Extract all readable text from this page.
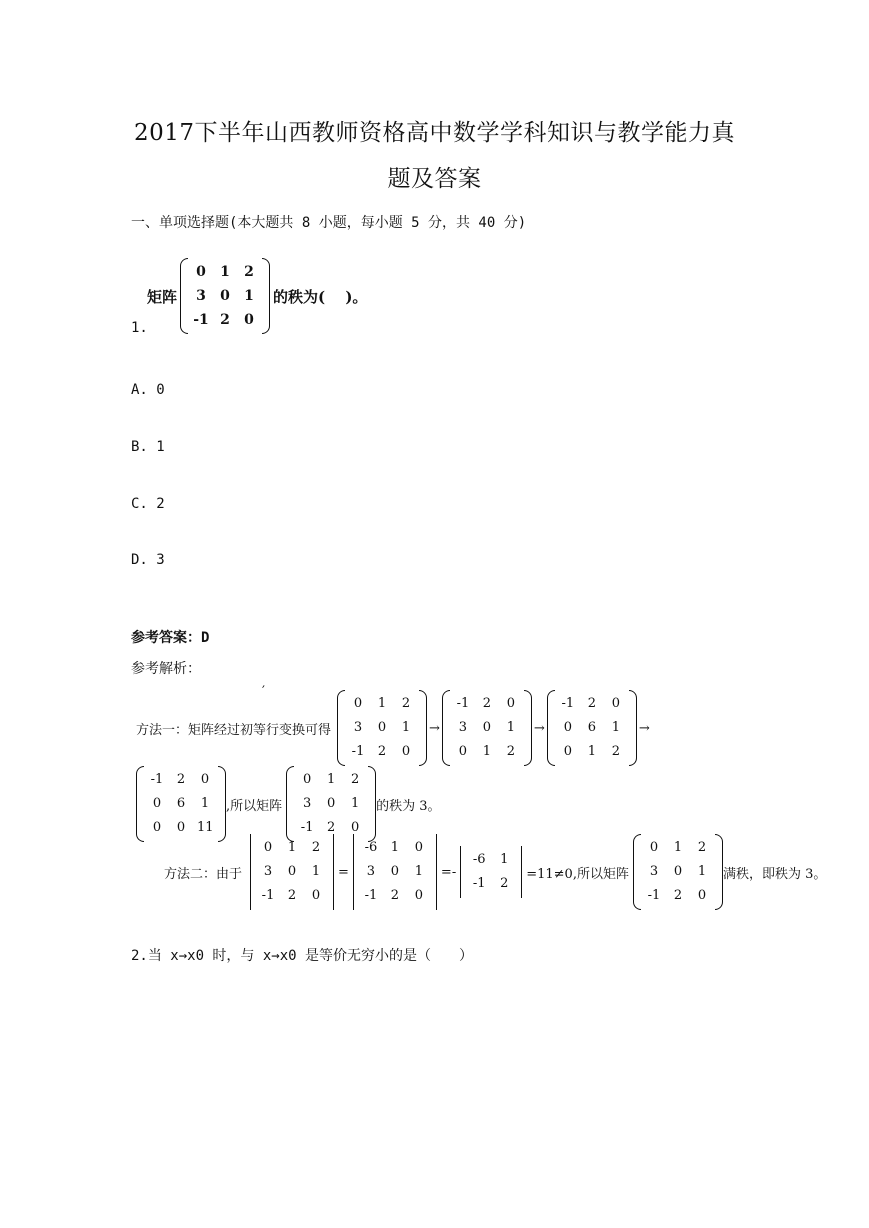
2017下半年山西教师资格高中数学学科知识与教学能力真
题及答案
一、单项选择题(本大题共 8 小题，每小题 5 分，共 40 分)
1.
矩阵
0 1 2
3 0 1
-1 2 0
的秩为(　 )。
A. 0
B. 1
C. 2
D. 3
参考答案：D
参考解析：
′
方法一：矩阵经过初等行变换可得
0 1 2
3 0 1
-1 2 0
→
-1 2 0
3 0 1
0 1 2
→
-1 2 0
0 6 1
0 1 2
→
-1 2 0
0 6 1
0 0 11
,所以矩阵
0 1 2
3 0 1
-1 2 0
的秩为 3。
方法二：由于
0 1 2
3 0 1
-1 2 0
=
-6 1 0
3 0 1
-1 2 0
=-
-6 1
-1 2
=11≠0,所以矩阵
0 1 2
3 0 1
-1 2 0
满秩，即秩为 3。
2.当 x→x0 时，与 x→x0 是等价无穷小的是（　　）
